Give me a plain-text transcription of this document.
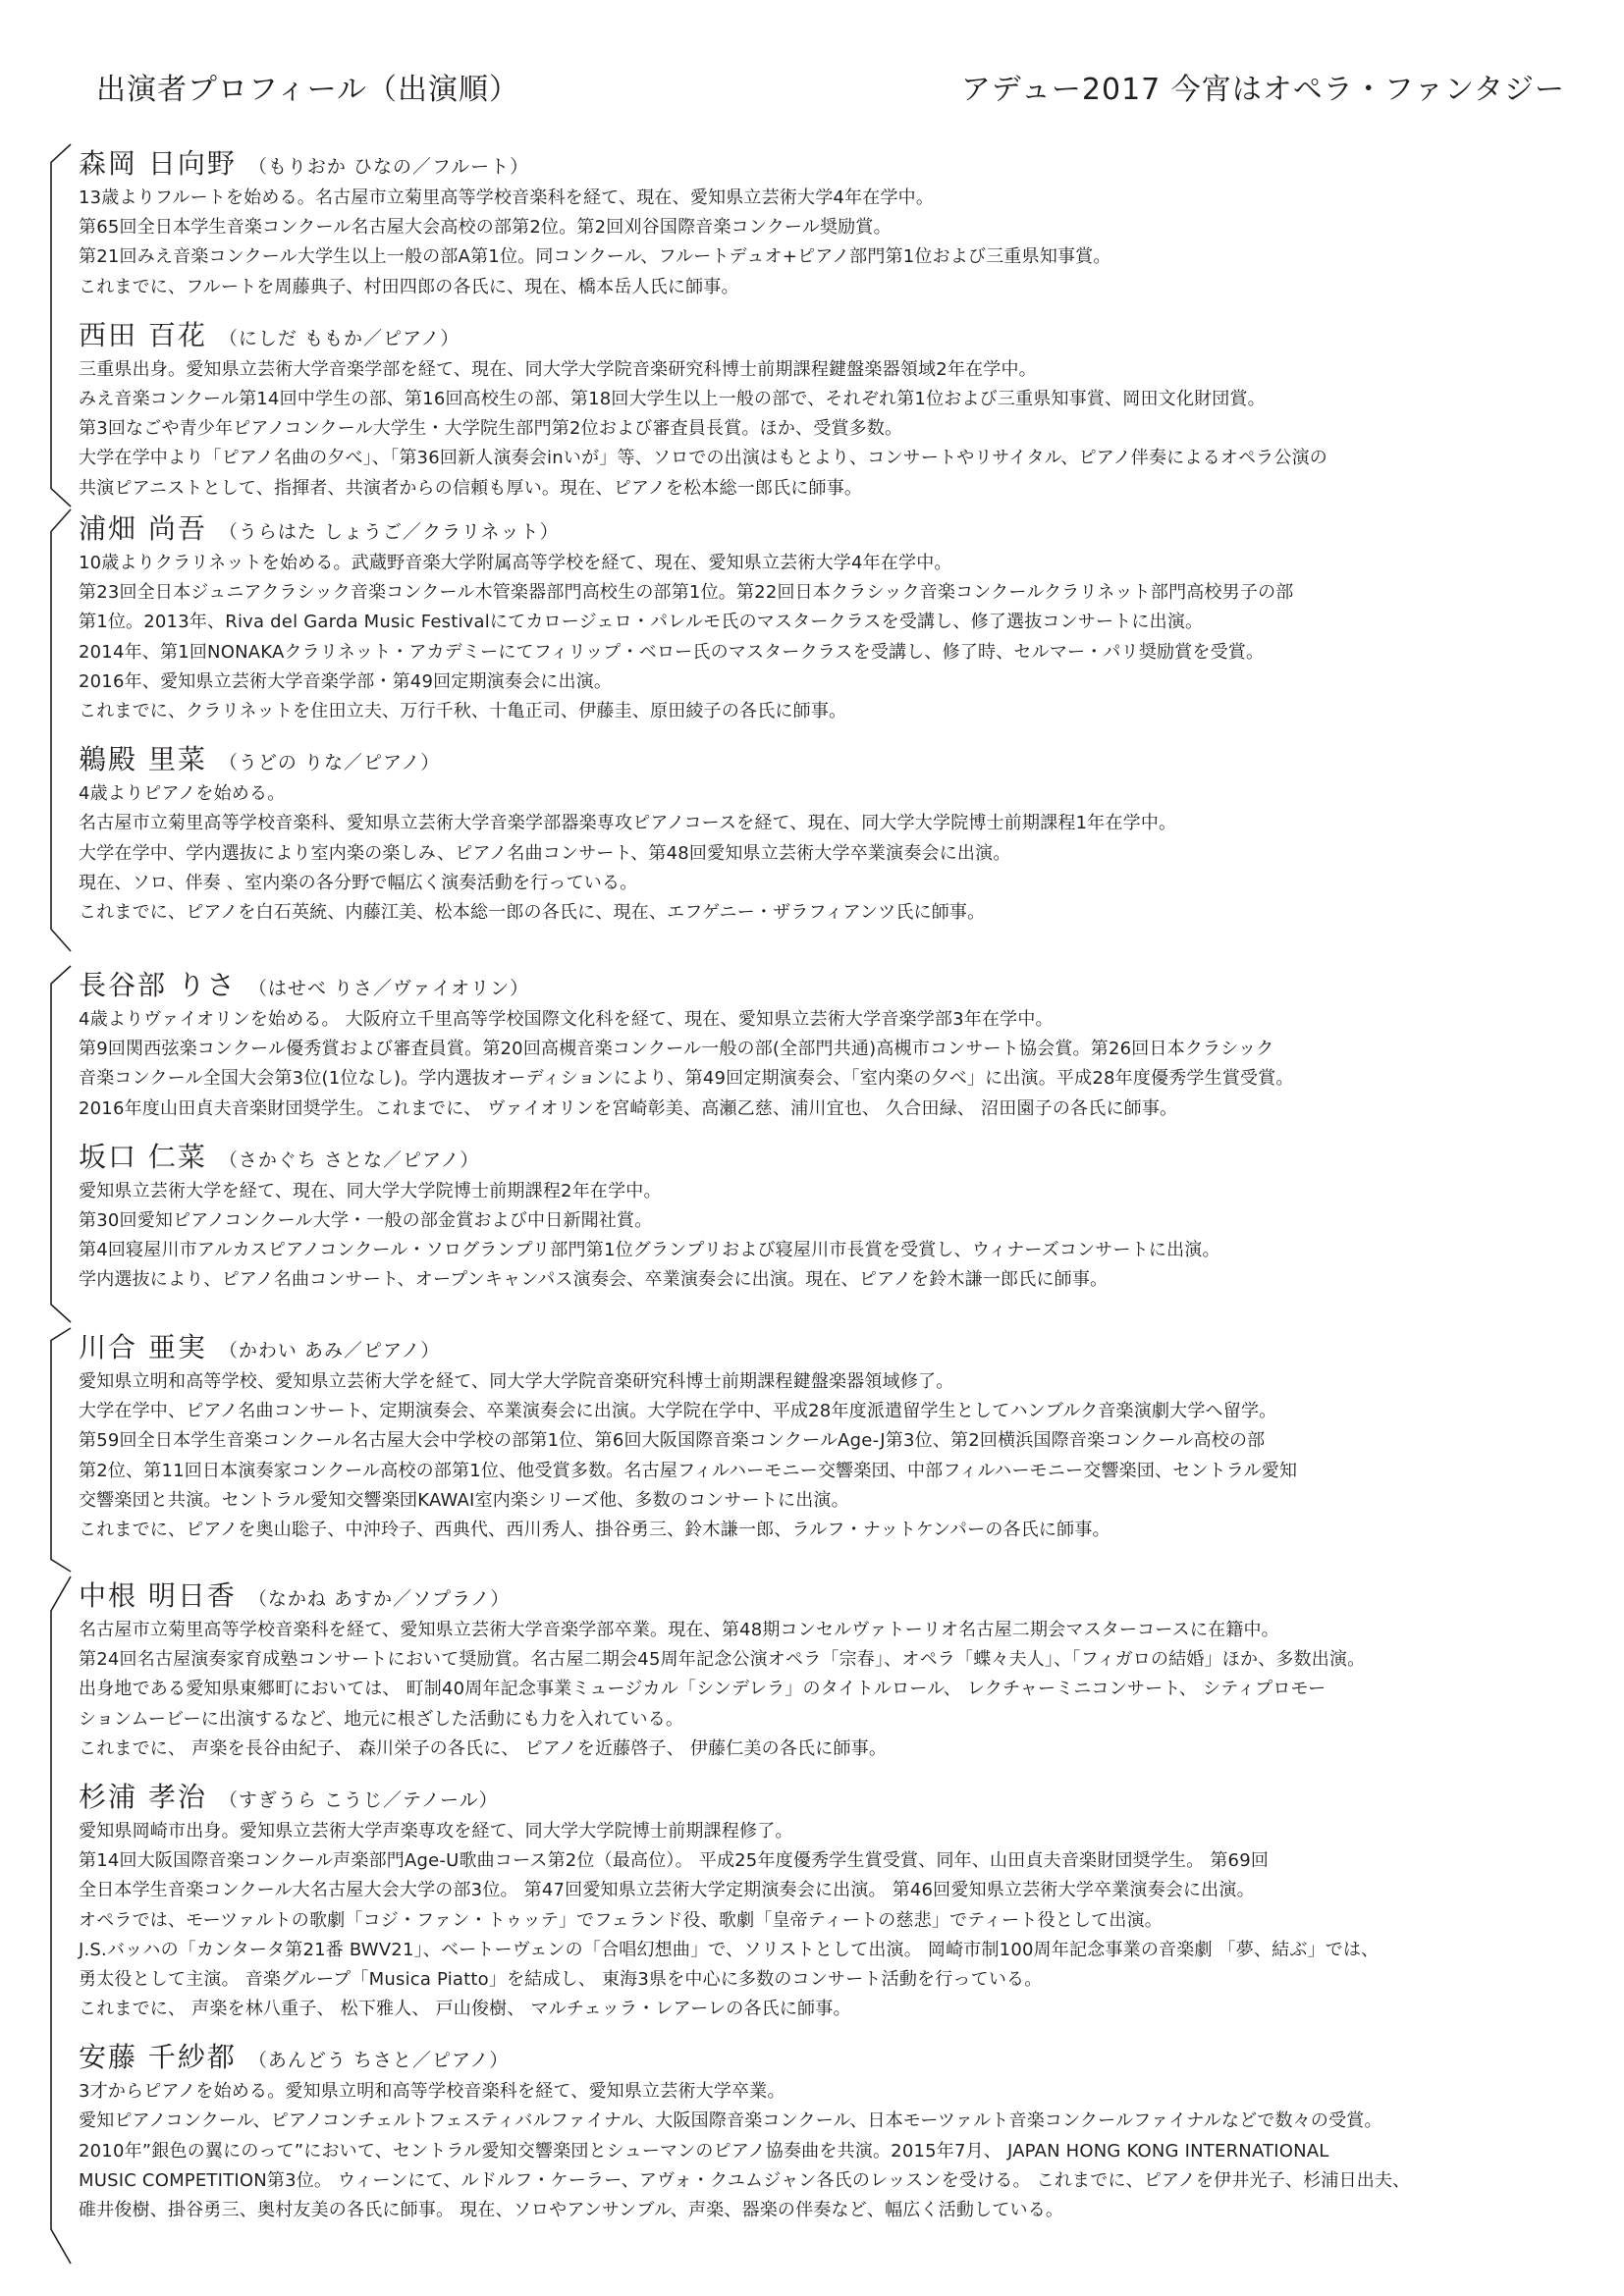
出演者プロフィール（出演順）	アデュー2017 今宵はオペラ・ファンタジー
森岡 日向野 （もりおか ひなの／フルート）
13歳よりフルートを始める。名古屋市立菊里高等学校音楽科を経て、現在、愛知県立芸術大学4年在学中。
第65回全日本学生音楽コンクール名古屋大会高校の部第2位。第2回刈谷国際音楽コンクール奨励賞。
第21回みえ音楽コンクール大学生以上一般の部A第1位。同コンクール、フルートデュオ+ピアノ部門第1位および三重県知事賞。
これまでに、フルートを周藤典子、村田四郎の各氏に、現在、橋本岳人氏に師事。
西田 百花 （にしだ ももか／ピアノ）
三重県出身。愛知県立芸術大学音楽学部を経て、現在、同大学大学院音楽研究科博士前期課程鍵盤楽器領域2年在学中。
みえ音楽コンクール第14回中学生の部、第16回高校生の部、第18回大学生以上一般の部で、それぞれ第1位および三重県知事賞、岡田文化財団賞。
第3回なごや青少年ピアノコンクール大学生・大学院生部門第2位および審査員長賞。ほか、受賞多数。
大学在学中より「ピアノ名曲の夕べ」、「第36回新人演奏会inいが」等、ソロでの出演はもとより、コンサートやリサイタル、ピアノ伴奏によるオペラ公演の
共演ピアニストとして、指揮者、共演者からの信頼も厚い。現在、ピアノを松本総一郎氏に師事。
浦畑 尚吾 （うらはた しょうご／クラリネット）
10歳よりクラリネットを始める。武蔵野音楽大学附属高等学校を経て、現在、愛知県立芸術大学4年在学中。
第23回全日本ジュニアクラシック音楽コンクール木管楽器部門高校生の部第1位。第22回日本クラシック音楽コンクールクラリネット部門高校男子の部
第1位。2013年、Riva del Garda Music Festivalにてカロージェロ・パレルモ氏のマスタークラスを受講し、修了選抜コンサートに出演。
2014年、第1回NONAKAクラリネット・アカデミーにてフィリップ・ベロー氏のマスタークラスを受講し、修了時、セルマー・パリ奨励賞を受賞。
2016年、愛知県立芸術大学音楽学部・第49回定期演奏会に出演。
これまでに、クラリネットを住田立夫、万行千秋、十亀正司、伊藤圭、原田綾子の各氏に師事。
鵜殿 里菜 （うどの りな／ピアノ）
4歳よりピアノを始める。
名古屋市立菊里高等学校音楽科、愛知県立芸術大学音楽学部器楽専攻ピアノコースを経て、現在、同大学大学院博士前期課程1年在学中。
大学在学中、学内選抜により室内楽の楽しみ、ピアノ名曲コンサート、第48回愛知県立芸術大学卒業演奏会に出演。
現在、ソロ、伴奏 、室内楽の各分野で幅広く演奏活動を行っている。
これまでに、ピアノを白石英統、内藤江美、松本総一郎の各氏に、現在、エフゲニー・ザラフィアンツ氏に師事。
長谷部 りさ （はせべ りさ／ヴァイオリン）
4歳よりヴァイオリンを始める。 大阪府立千里高等学校国際文化科を経て、現在、愛知県立芸術大学音楽学部3年在学中。
第9回関西弦楽コンクール優秀賞および審査員賞。第20回高槻音楽コンクール一般の部(全部門共通)高槻市コンサート協会賞。第26回日本クラシック
音楽コンクール全国大会第3位(1位なし)。学内選抜オーディションにより、第49回定期演奏会、「室内楽の夕べ」に出演。平成28年度優秀学生賞受賞。
2016年度山田貞夫音楽財団奨学生。これまでに、 ヴァイオリンを宮崎彰美、高瀬乙慈、浦川宜也、 久合田緑、 沼田園子の各氏に師事。
坂口 仁菜 （さかぐち さとな／ピアノ）
愛知県立芸術大学を経て、現在、同大学大学院博士前期課程2年在学中。
第30回愛知ピアノコンクール大学・一般の部金賞および中日新聞社賞。
第4回寝屋川市アルカスピアノコンクール・ソログランプリ部門第1位グランプリおよび寝屋川市長賞を受賞し、ウィナーズコンサートに出演。
学内選抜により、ピアノ名曲コンサート、オープンキャンパス演奏会、卒業演奏会に出演。現在、ピアノを鈴木謙一郎氏に師事。
川合 亜実 （かわい あみ／ピアノ）
愛知県立明和高等学校、愛知県立芸術大学を経て、同大学大学院音楽研究科博士前期課程鍵盤楽器領域修了。
大学在学中、ピアノ名曲コンサート、定期演奏会、卒業演奏会に出演。大学院在学中、平成28年度派遣留学生としてハンブルク音楽演劇大学へ留学。
第59回全日本学生音楽コンクール名古屋大会中学校の部第1位、第6回大阪国際音楽コンクールAge-J第3位、第2回横浜国際音楽コンクール高校の部
第2位、第11回日本演奏家コンクール高校の部第1位、他受賞多数。名古屋フィルハーモニー交響楽団、中部フィルハーモニー交響楽団、セントラル愛知
交響楽団と共演。セントラル愛知交響楽団KAWAI室内楽シリーズ他、多数のコンサートに出演。
これまでに、ピアノを奥山聡子、中沖玲子、西典代、西川秀人、掛谷勇三、鈴木謙一郎、ラルフ・ナットケンパーの各氏に師事。
中根 明日香 （なかね あすか／ソプラノ）
名古屋市立菊里高等学校音楽科を経て、愛知県立芸術大学音楽学部卒業。現在、第48期コンセルヴァトーリオ名古屋二期会マスターコースに在籍中。
第24回名古屋演奏家育成塾コンサートにおいて奨励賞。名古屋二期会45周年記念公演オペラ「宗春」、オペラ「蝶々夫人」、「フィガロの結婚」ほか、多数出演。
出身地である愛知県東郷町においては、 町制40周年記念事業ミュージカル「シンデレラ」のタイトルロール、 レクチャーミニコンサート、 シティプロモー
ションムービーに出演するなど、地元に根ざした活動にも力を入れている。
これまでに、 声楽を長谷由紀子、 森川栄子の各氏に、 ピアノを近藤啓子、 伊藤仁美の各氏に師事。
杉浦 孝治 （すぎうら こうじ／テノール）
愛知県岡崎市出身。愛知県立芸術大学声楽専攻を経て、同大学大学院博士前期課程修了。
第14回大阪国際音楽コンクール声楽部門Age-U歌曲コース第2位（最高位）。 平成25年度優秀学生賞受賞、同年、山田貞夫音楽財団奨学生。 第69回
全日本学生音楽コンクール大名古屋大会大学の部3位。 第47回愛知県立芸術大学定期演奏会に出演。 第46回愛知県立芸術大学卒業演奏会に出演。
オペラでは、モーツァルトの歌劇「コジ・ファン・トゥッテ」でフェランド役、歌劇「皇帝ティートの慈悲」でティート役として出演。
J.S.バッハの「カンタータ第21番 BWV21」、ベートーヴェンの「合唱幻想曲」で、ソリストとして出演。 岡崎市制100周年記念事業の音楽劇 「夢、結ぶ」では、
勇太役として主演。 音楽グループ「Musica Piatto」を結成し、 東海3県を中心に多数のコンサート活動を行っている。
これまでに、 声楽を林八重子、 松下雅人、 戸山俊樹、 マルチェッラ・レアーレの各氏に師事。
安藤 千紗都 （あんどう ちさと／ピアノ）
3才からピアノを始める。愛知県立明和高等学校音楽科を経て、愛知県立芸術大学卒業。
愛知ピアノコンクール、ピアノコンチェルトフェスティバルファイナル、大阪国際音楽コンクール、日本モーツァルト音楽コンクールファイナルなどで数々の受賞。
2010年”銀色の翼にのって”において、セントラル愛知交響楽団とシューマンのピアノ協奏曲を共演。2015年7月、 JAPAN HONG KONG INTERNATIONAL
MUSIC COMPETITION第3位。 ウィーンにて、ルドルフ・ケーラー、アヴォ・クユムジャン各氏のレッスンを受ける。 これまでに、ピアノを伊井光子、杉浦日出夫、
碓井俊樹、掛谷勇三、奥村友美の各氏に師事。 現在、ソロやアンサンブル、声楽、器楽の伴奏など、幅広く活動している。
